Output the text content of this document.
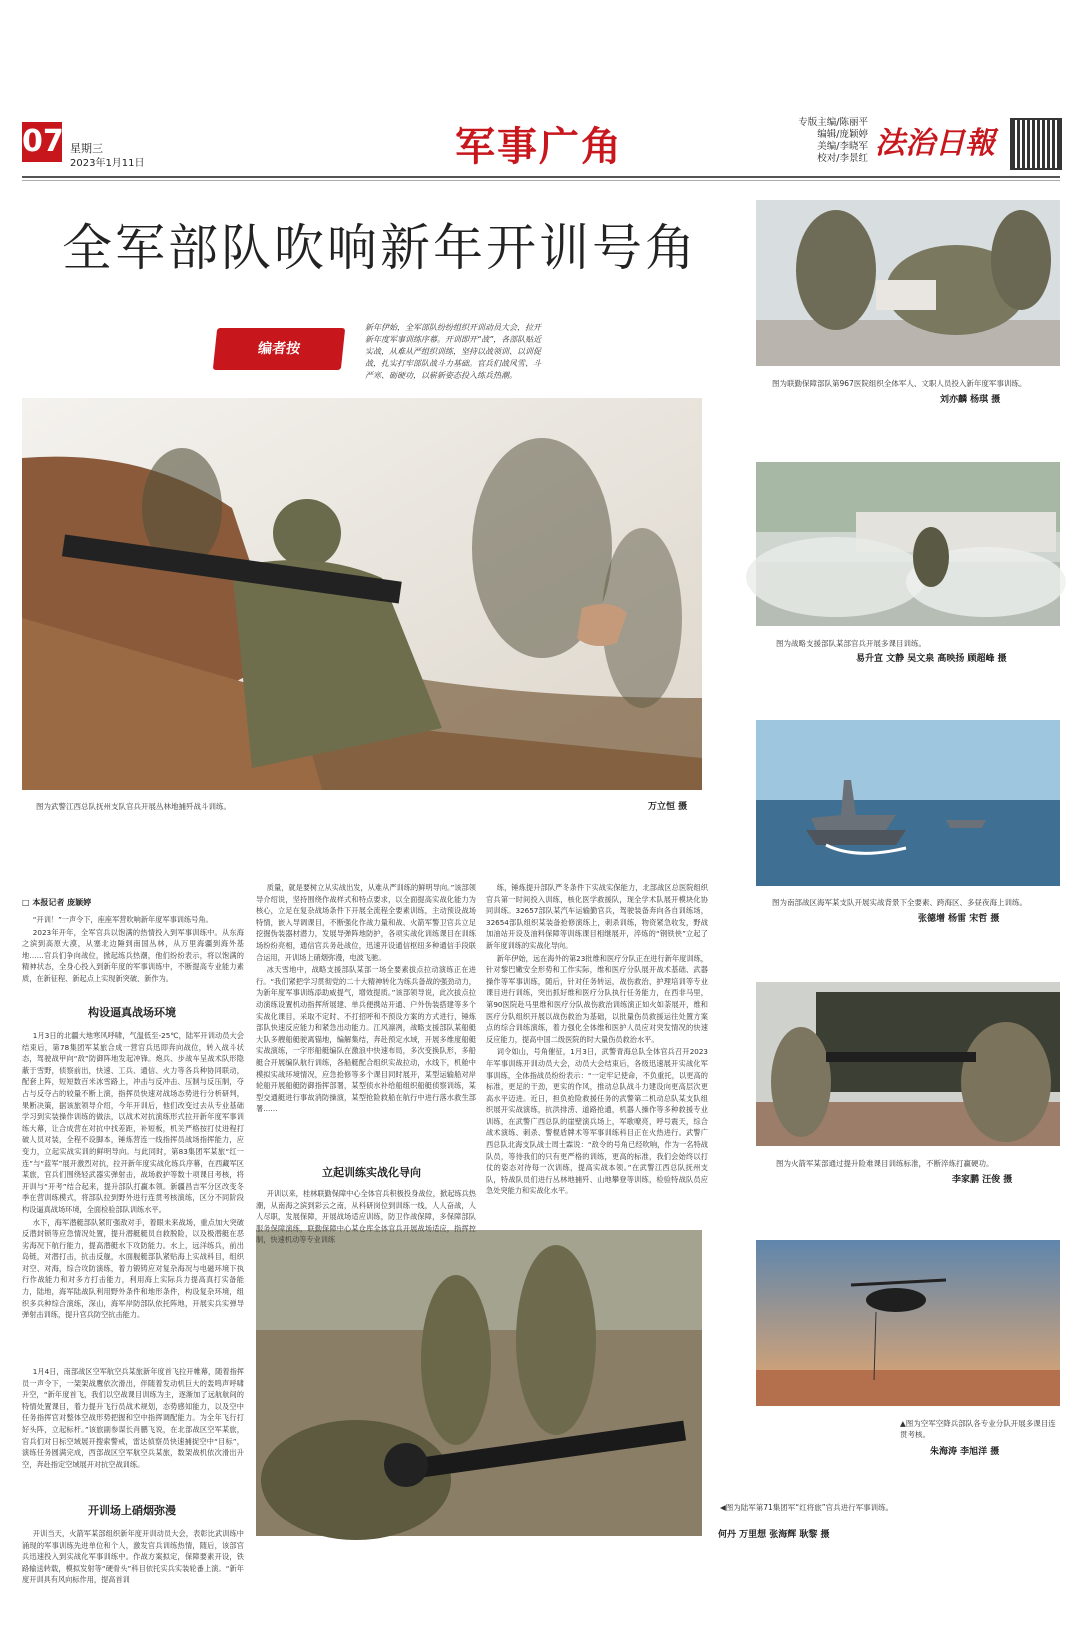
07 星期三
2023年1月11日	军事广角
专版主编/陈丽平
编辑/庞颖婷
美编/李晓军
校对/李景红 法治日報
全军部队吹响新年开训号角
编者按
新年伊始，全军部队纷纷组织开训动员大会，拉开新年度军事训练序幕。开训即开“战”，各部队贴近实战，从难从严组织训练，坚持以战领训、以训促战，扎实打牢部队战斗力基础。官兵们战风雪、斗严寒、砺硬功，以崭新姿态投入练兵热潮。
图为武警江西总队抚州支队官兵开展丛林地捕歼战斗训练。	万立恒 摄
图为联勤保障部队第967医院组织全体军人、文职人员投入新年度军事训练。
刘亦麟 杨琪 摄
图为战略支援部队某部官兵开展多课目训练。
易升宣 文静 吴文泉 高映扬 顾超峰 摄
图为南部战区海军某支队开展实战背景下全要素、跨海区、多昼夜海上训练。
张德增 杨雷 宋哲 摄
图为火箭军某部通过提升险难课目训练标准，不断淬炼打赢硬功。
李家鹏 汪俊 摄
▲图为空军空降兵部队各专业分队开展多课目连贯考核。
朱海涛 李旭洋 摄
◀图为陆军第71集团军“红将旅”官兵进行军事训练。
何丹 万里想 张海辉 耿黎 摄
□ 本报记者 庞颖婷

“开训！”一声令下，座座军营吹响新年度军事训练号角。

2023年开年，全军官兵以饱满的热情投入到军事训练中。从东海之滨到高原大漠，从塞北边陲到南国丛林，从万里海疆到海外基地……官兵们争向战位，掀起练兵热潮，他们纷纷表示，将以饱满的精神状态，全身心投入到新年度的军事训练中，不断提高专业能力素质，在新征程、新起点上实现新突破、新作为。

构设逼真战场环境

1月3日的北疆大地寒风呼啸，气温低至-25℃，陆军开训动员大会结束后，第78集团军某旅合成一营官兵迅即奔向战位，转入战斗状态，驾驶战甲向“敌”防御阵地发起冲锋。炮兵、步战车呈战术队形隐蔽于雪野，侦察前出，快速、工兵、通信、火力等各兵种协同联动，配套上阵，短短数百米冰雪路上，冲击与反冲击、压制与反压制，夺占与反夺占的较量不断上演，指挥员快速对战场态势进行分析研判，果断决策，据该旅领导介绍，今年开训后，他们改变过去从专业基础学习到实装操作训练的做法，以战术对抗演练形式拉开新年度军事训练大幕，让合成营在对抗中找差距，补短板，机关严格按打仗进程打破人员对装，全程不设脚本，锤炼营连一线指挥员战场指挥能力，应变力，立起实战实训的鲜明导向。与此同时，第83集团军某旅“红一连”与“蓝军”展开激烈对抗，拉开新年度实战化练兵序幕，在西藏军区某旅，官兵们围绕轻武器实弹射击，战场救护等数十项课目考核，将开训与“开考”结合起来，提升部队打赢本领。新疆昌吉军分区改变冬季在营训练模式，将部队拉到野外进行连贯考核演练，区分不同阶段构设逼真战场环境，全面检验部队训练水平。

水下，海军潜艇部队紧盯强敌对手，着眼未来战场，重点加大突破反潜封锁等应急情况处置，提升潜艇艇员自救脱险，以及极潜艇在恶劣海况下航行能力，提高潜艇水下攻防能力。水上，远洋练兵，前出岛链，对潜打击，抗击反舰，水面舰艇部队紧贴海上实战科目，组织对空、对海，综合攻防演练，着力锻铸应对复杂海况与电磁环境下执行作战能力和对多方打击能力，利用海上实际兵力提高真打实备能力，陆地，海军陆战队利用野外条件和地形条件，构设复杂环境，组织多兵种综合演练，深山，海军岸防部队依托阵地，开展实兵实弹导弹射击训练，提升官兵防空抗击能力。

1月4日，南部战区空军航空兵某旅新年度首飞拉开帷幕，随着指挥员一声令下，一架架战鹰依次滑出，伴随着发动机巨大的轰鸣声呼啸升空，“新年度首飞，我们以空战课目训练为主，逐渐加了远航航间的特情处置课目，着力提升飞行员战术规划，态势感知能力，以及空中任务指挥官对整体空战形势把握和空中指挥调配能力。为全年飞行打好头阵，立起标杆。”该旅副参谋长肖鹏飞说，在北部战区空军某旅，官兵们对日标空域展开搜索警戒，雷达侦察员快速捕捉空中“目标”，演练任务圆满完成，西部战区空军航空兵某旅，数架战机依次滑出升空，奔赴指定空域展开对抗空战训练。

开训场上硝烟弥漫

开训当天，火箭军某部组织新年度开训动员大会，表彰比武训练中涌现的军事训练先进单位和个人，激发官兵训练热情，随后，该部官兵迅速投入到实战化军事训练中。作战方案拟定，保障要素开设，铁路输送转载，模拟发射等“硬骨头”科目依托实兵实装轮番上演。“新年度开训具有风向标作用，提高首训

质量，就是要树立从实战出发，从难从严训练的鲜明导向。”该部领导介绍说，坚持围绕作战样式和特点要求，以全面提高实战化能力为核心，立足在复杂战场条件下开展全流程全要素训练，主动预设战场特情，嵌入导调课目，不断强化作战力量和战、火箭军警卫官兵立足挖掘伪装器材潜力，发展导弹阵地防护，各项实战化训练课目在训练场纷纷亮相，通信官兵务赴战位，迅速开设通信枢纽多种通信手段联合运用，开训场上硝烟弥漫，电波飞驰。

冰天雪地中，战略支援部队某部一场全要素拔点拉动演练正在进行。“我们紧把学习贯彻党的二十大精神转化为练兵备战的强劲动力，为新年度军事训练添助威提气，增效提质。”该部领导说，此次拔点拉动演练设置机动指挥所展建、单兵便携站开通、户外伪装搭建等多个实战化课目，采取不定时、不打招呼和不预设方案的方式进行，锤炼部队快速反应能力和紧急出动能力。江风凛冽，战略支援部队某船艇大队多艘船艇驶离锚地，编解集结，奔赴预定水域，开展多维度船艇实战演练，一字形船艇编队在激浪中快速布局，多次变换队形，多船艇合开展编队航行训练，各船艇配合组织实战拉动，水线下，机舱中模拟实战环境情况，应急抢修等多个课目同时展开，某型运输船对岸轮船开展船艇防御指挥部署，某型侦水补给船组织船艇侦察训练，某型交通艇进行事故消防操演，某型抢险救船在航行中进行落水救生部署……

立起训练实战化导向

开训以来，桂林联勤保障中心全体官兵积极投身战位，掀起练兵热潮，从南海之滨到彩云之南，从科研岗位到训练一线，人人奋战，人人尽职，发展保障，开展战场适应训练，防卫作战保障，多保障部队服务保障演练，联勤保障中心某仓库全体官兵开展战场适应，指挥控制，快速机动等专业训练

练，锤炼提升部队严冬条件下实战实保能力，北部战区总医院组织官兵第一时间投入训练，核化医学救援队，现全学术队展开模块化协同训练。32657部队某汽车运输勤官兵，驾驶装备奔向各自训练场，32654部队组织某装备抢修演练上，刺杀训练，物资紧急收发，野战加油站开设及油料保障等训练课目相继展开，淬炼的“钢铁侠”立起了新年度训练的实战化导向。

新年伊始，远在海外的第23批维和医疗分队正在进行新年度训练，针对黎巴嫩安全形势和工作实际，维和医疗分队展开战术基础、武器操作等军事训练，随后，针对任务转运，战伤救治，护理培训等专业课目进行训练，突出抓好维和医疗分队执行任务能力，在西非马里，第90医院赴马里维和医疗分队战伤救治训练演正如火如荼展开，维和医疗分队组织开展以战伤救治为基础，以批量伤员救援运往处置方案点的综合训练演练，着力强化全体维和医护人员应对突发情况的快速反应能力，提高中国二级医院的时大量伤员救治水平。

词令如山，号角催征，1月3日，武警青海总队全体官兵召开2023年军事训练开训动员大会，动员大会结束后，各级迅速展开实战化军事训练，全体指战员纷纷表示：“一定牢记使命，不负重托，以更高的标准，更足的干劲，更实的作风，推动总队战斗力建设向更高层次更高水平迈进。近日，担负抢险救援任务的武警第二机动总队某支队组织展开实战演练，抗洪排涝、道路抢通，机器人操作等多种救援专业训练，在武警广西总队的崖壁演兵场上，军歌嘹亮，呼号震天，综合战术演练、刺杀、警棍盾牌术等军事训练科目正在火热进行。武警广西总队北海支队战士周士霖说：“敌令的号角已经吹响，作为一名特战队员，等待我们的只有更严格的训练，更高的标准，我们会始终以打仗的姿态对待每一次训练，提高实战本领。”在武警江西总队抚州支队，特战队员们进行丛林地捕歼、山地攀登等训练，检验特战队员应急处突能力和实战化水平。
